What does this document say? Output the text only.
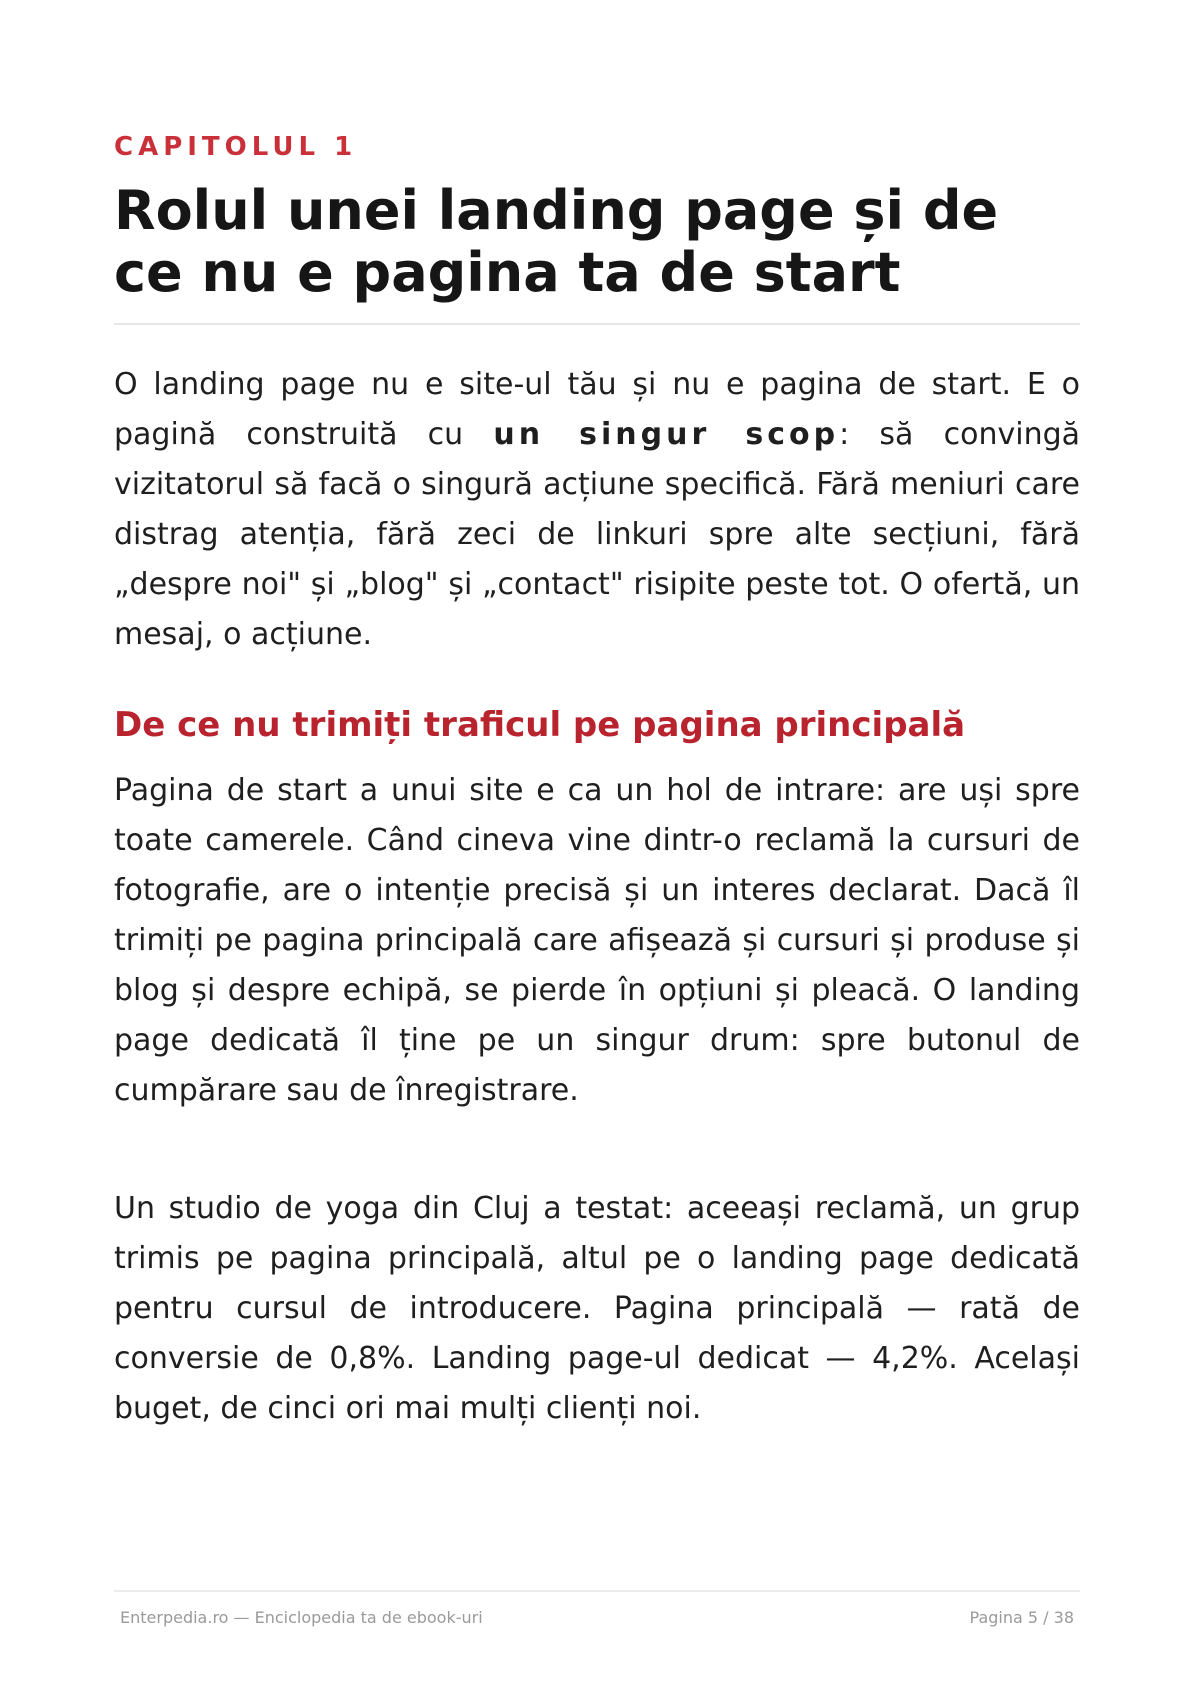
CAPITOLUL 1

Rolul unei landing page și de ce nu e pagina ta de start

O landing page nu e site-ul tău și nu e pagina de start. E o pagină construită cu un singur scop: să convingă vizitatorul să facă o singură acțiune specifică. Fără meniuri care distrag atenția, fără zeci de linkuri spre alte secțiuni, fără „despre noi" și „blog" și „contact" risipite peste tot. O ofertă, un mesaj, o acțiune.

De ce nu trimiți traficul pe pagina principală

Pagina de start a unui site e ca un hol de intrare: are uși spre toate camerele. Când cineva vine dintr-o reclamă la cursuri de fotografie, are o intenție precisă și un interes declarat. Dacă îl trimiți pe pagina principală care afișează și cursuri și produse și blog și despre echipă, se pierde în opțiuni și pleacă. O landing page dedicată îl ține pe un singur drum: spre butonul de cumpărare sau de înregistrare.

Un studio de yoga din Cluj a testat: aceeași reclamă, un grup trimis pe pagina principală, altul pe o landing page dedicată pentru cursul de introducere. Pagina principală — rată de conversie de 0,8%. Landing page-ul dedicat — 4,2%. Același buget, de cinci ori mai mulți clienți noi.

Enterpedia.ro — Enciclopedia ta de ebook-uri	Pagina 5 / 38
